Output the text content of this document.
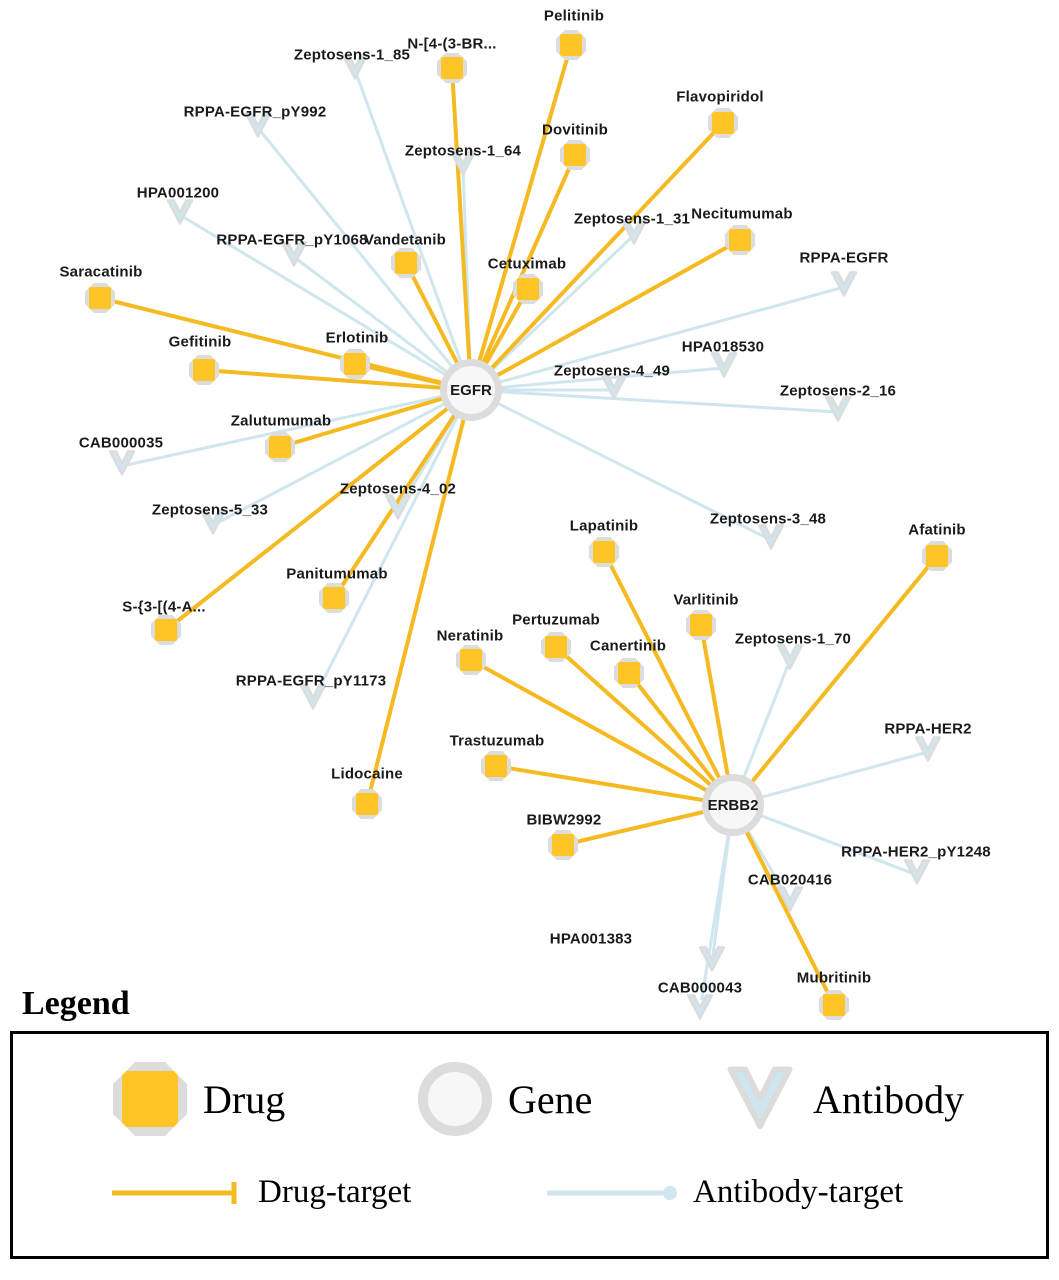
Zeptosens-1_85
RPPA-EGFR_pY992
Zeptosens-1_64
HPA001200
Zeptosens-1_31
RPPA-EGFR_pY1068
RPPA-EGFR
HPA018530
Zeptosens-4_49
Zeptosens-2_16
CAB000035
Zeptosens-4_02
Zeptosens-5_33
Zeptosens-3_48
Zeptosens-1_70
RPPA-EGFR_pY1173
RPPA-HER2
RPPA-HER2_pY1248
CAB020416
HPA001383
CAB000043
Pelitinib
N-[4-(3-BR...
Flavopiridol
Dovitinib
Necitumumab
Vandetanib
Cetuximab
Saracatinib
Erlotinib
Gefitinib
Zalutumumab
Panitumumab
S-{3-[(4-A...
Lapatinib	Afatinib
Varlitinib
Pertuzumab
Neratinib
Canertinib
Trastuzumab
Lidocaine
BIBW2992
Mubritinib
EGFR
ERBB2
Legend
Drug	Gene	Antibody
Drug-target	Antibody-target
